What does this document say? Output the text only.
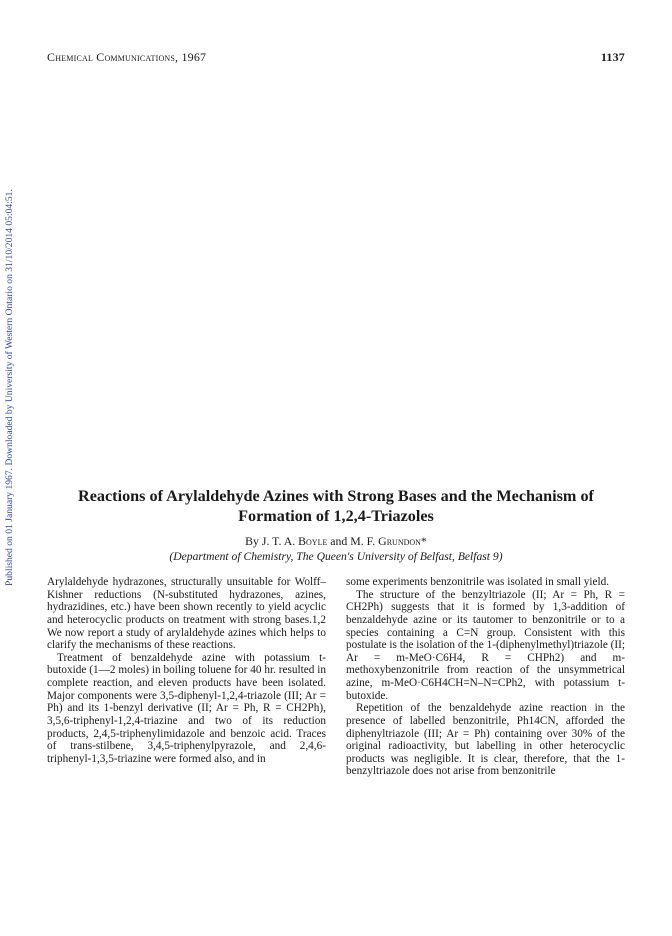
Chemical Communications, 1967	1137
Published on 01 January 1967. Downloaded by University of Western Ontario on 31/10/2014 05:04:51.	Reactions of Arylaldehyde Azines with Strong Bases and the Mechanism of Formation of 1,2,4-Triazoles
By J. T. A. Boyle and M. F. Grundon*
(Department of Chemistry, The Queen's University of Belfast, Belfast 9)

Arylaldehyde hydrazones, structurally unsuitable for Wolff–Kishner reductions (N-substituted hydrazones, azines, hydrazidines, etc.) have been shown recently to yield acyclic and heterocyclic products on treatment with strong bases.1,2 We now report a study of arylaldehyde azines which helps to clarify the mechanisms of these reactions.

Treatment of benzaldehyde azine with potassium t-butoxide (1—2 moles) in boiling toluene for 40 hr. resulted in complete reaction, and eleven products have been isolated. Major components were 3,5-diphenyl-1,2,4-triazole (III; Ar = Ph) and its 1-benzyl derivative (II; Ar = Ph, R = CH2Ph), 3,5,6-triphenyl-1,2,4-triazine and two of its reduction products, 2,4,5-triphenylimidazole and benzoic acid. Traces of trans-stilbene, 3,4,5-triphenylpyrazole, and 2,4,6-triphenyl-1,3,5-triazine were formed also, and in

some experiments benzonitrile was isolated in small yield.

The structure of the benzyltriazole (II; Ar = Ph, R = CH2Ph) suggests that it is formed by 1,3-addition of benzaldehyde azine or its tautomer to benzonitrile or to a species containing a C=N group. Consistent with this postulate is the isolation of the 1-(diphenylmethyl)triazole (II; Ar = m-MeO·C6H4, R = CHPh2) and m-methoxybenzonitrile from reaction of the unsymmetrical azine, m-MeO·C6H4CH=N–N=CPh2, with potassium t-butoxide.

Repetition of the benzaldehyde azine reaction in the presence of labelled benzonitrile, Ph14CN, afforded the diphenyltriazole (III; Ar = Ph) containing over 30% of the original radioactivity, but labelling in other heterocyclic products was negligible. It is clear, therefore, that the 1-benzyltriazole does not arise from benzonitrile
